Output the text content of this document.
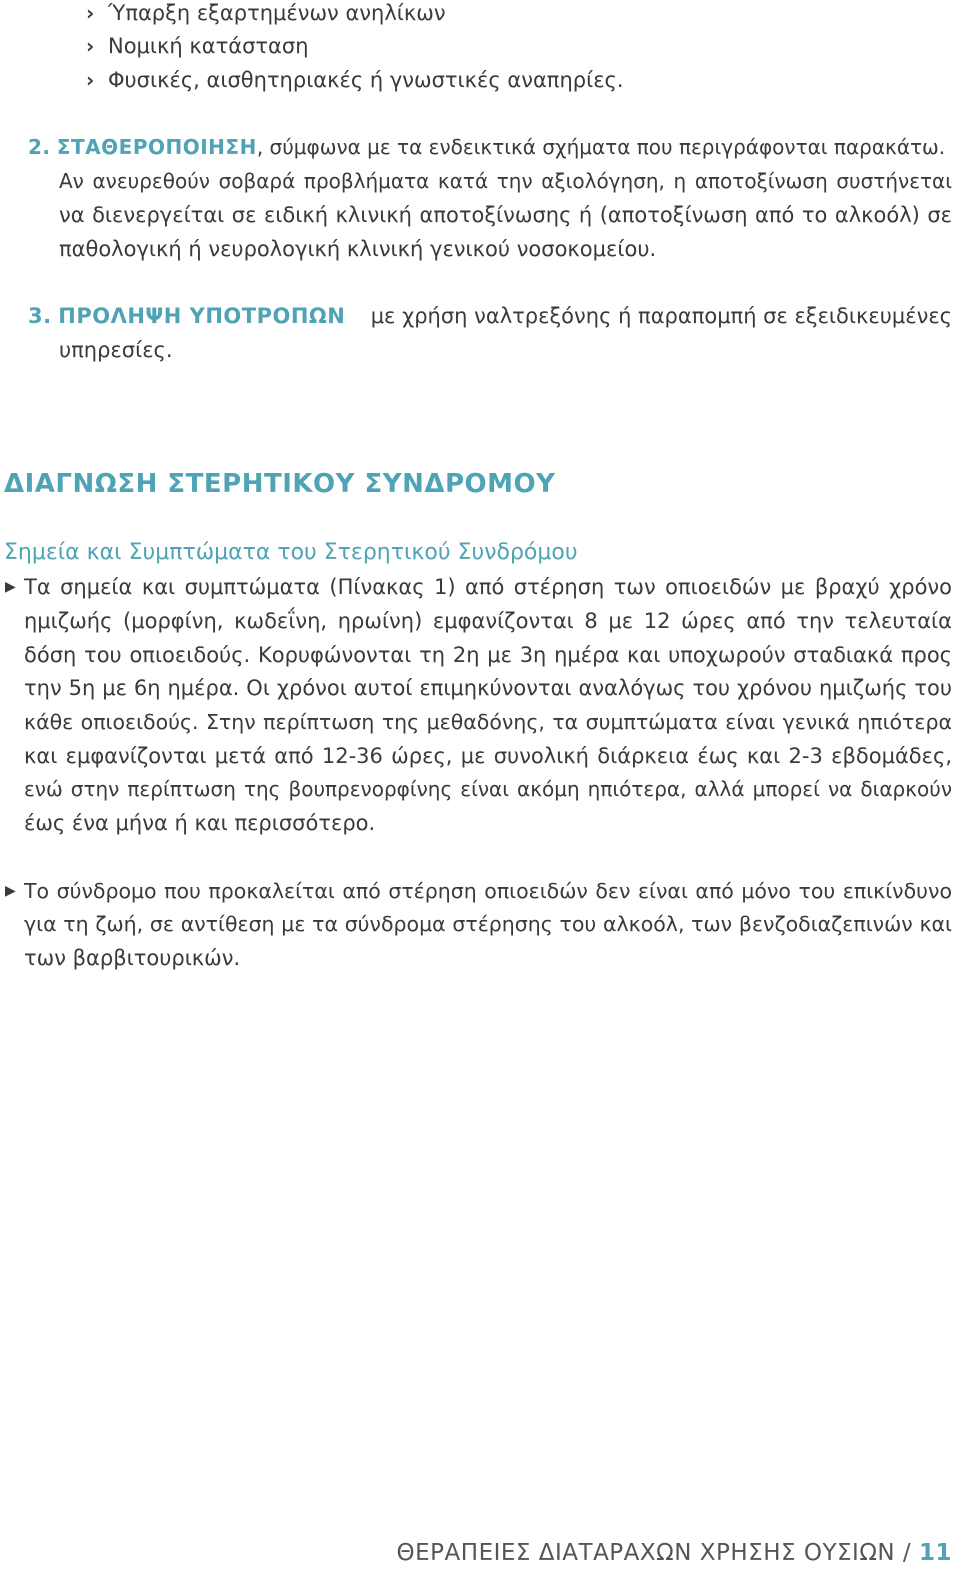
› Ύπαρξη εξαρτημένων ανηλίκων
› Νομική κατάσταση
› Φυσικές, αισθητηριακές ή γνωστικές αναπηρίες.
2. ΣΤΑΘΕΡΟΠΟΙΗΣΗ, σύμφωνα με τα ενδεικτικά σχήματα που περιγράφονται παρακάτω.
Αν ανευρεθούν σοβαρά προβλήματα κατά την αξιολόγηση, η αποτοξίνωση συστήνεται
να διενεργείται σε ειδική κλινική αποτοξίνωσης ή (αποτοξίνωση από το αλκοόλ) σε
παθολογική ή νευρολογική κλινική γενικού νοσοκομείου.
3. ΠΡΟΛΗΨΗ ΥΠΟΤΡΟΠΩΝ με χρήση ναλτρεξόνης ή παραπομπή σε εξειδικευμένες
υπηρεσίες.
ΔΙΑΓΝΩΣΗ ΣΤΕΡΗΤΙΚΟΥ ΣΥΝΔΡΟΜΟΥ
Σημεία και Συμπτώματα του Στερητικού Συνδρόμου
▶ Τα σημεία και συμπτώματα (Πίνακας 1) από στέρηση των οπιοειδών με βραχύ χρόνο
ημιζωής (μορφίνη, κωδεΐνη, ηρωίνη) εμφανίζονται 8 με 12 ώρες από την τελευταία
δόση του οπιοειδούς. Κορυφώνονται τη 2η με 3η ημέρα και υποχωρούν σταδιακά προς
την 5η με 6η ημέρα. Οι χρόνοι αυτοί επιμηκύνονται αναλόγως του χρόνου ημιζωής του
κάθε οπιοειδούς. Στην περίπτωση της μεθαδόνης, τα συμπτώματα είναι γενικά ηπιότερα
και εμφανίζονται μετά από 12-36 ώρες, με συνολική διάρκεια έως και 2-3 εβδομάδες,
ενώ στην περίπτωση της βουπρενορφίνης είναι ακόμη ηπιότερα, αλλά μπορεί να διαρκούν
έως ένα μήνα ή και περισσότερο.
▶ Το σύνδρομο που προκαλείται από στέρηση οπιοειδών δεν είναι από μόνο του επικίνδυνο
για τη ζωή, σε αντίθεση με τα σύνδρομα στέρησης του αλκοόλ, των βενζοδιαζεπινών και
των βαρβιτουρικών.
ΘΕΡΑΠΕΙΕΣ ΔΙΑΤΑΡΑΧΩΝ ΧΡΗΣΗΣ ΟΥΣΙΩΝ / 11
